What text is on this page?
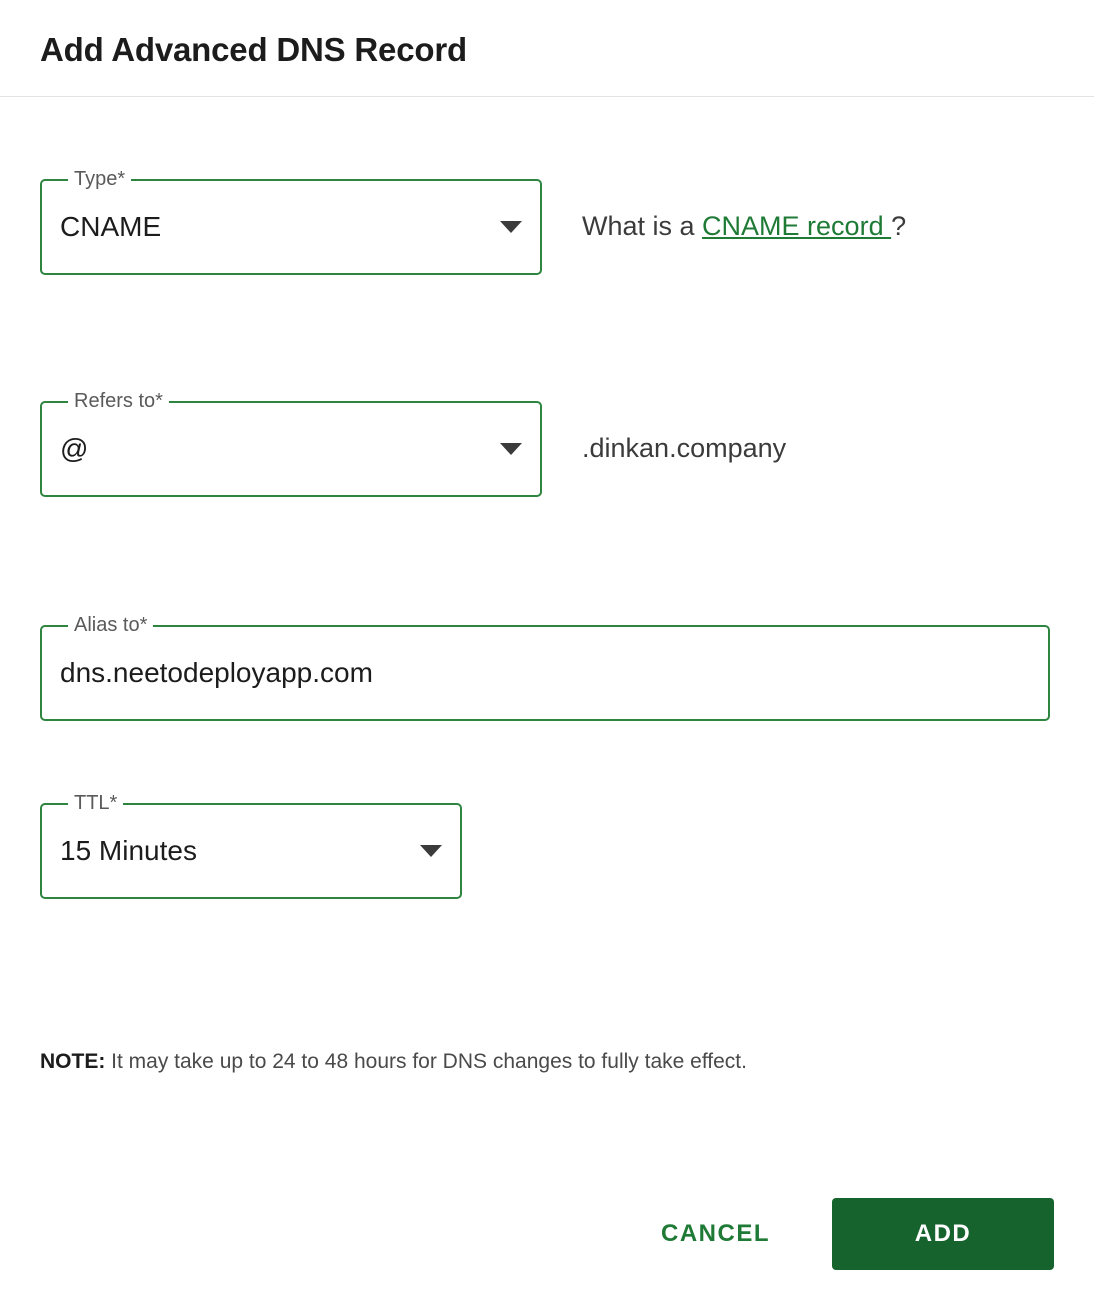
Add Advanced DNS Record
Type*
CNAME	What is a CNAME record ?
Refers to*
@	.dinkan.company
Alias to*
dns.neetodeployapp.com
TTL*
15 Minutes
NOTE: It may take up to 24 to 48 hours for DNS changes to fully take effect.
CANCEL	ADD
